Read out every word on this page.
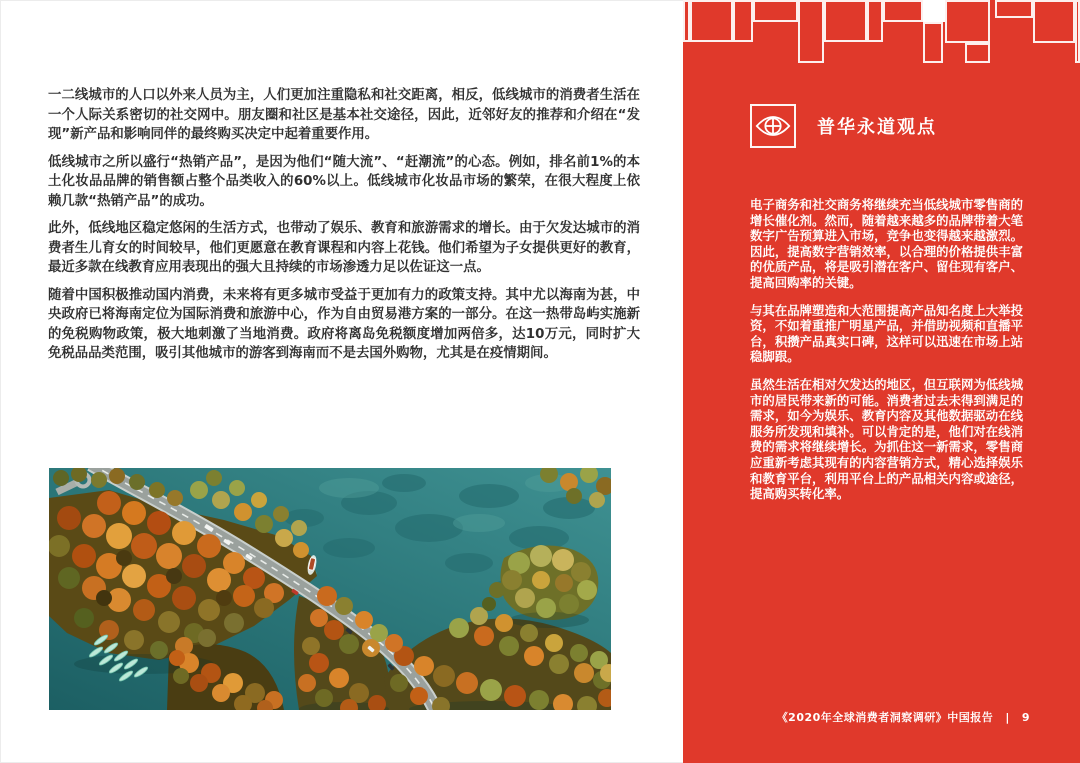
一二线城市的人口以外来人员为主，人们更加注重隐私和社交距离，相反，低线城市的消费者生活在一个人际关系密切的社交网中。朋友圈和社区是基本社交途径，因此，近邻好友的推荐和介绍在“发现”新产品和影响同伴的最终购买决定中起着重要作用。

低线城市之所以盛行“热销产品”，是因为他们“随大流”、“赶潮流”的心态。例如，排名前1%的本土化妆品品牌的销售额占整个品类收入的60%以上。低线城市化妆品市场的繁荣，在很大程度上依赖几款“热销产品”的成功。

此外，低线地区稳定悠闲的生活方式，也带动了娱乐、教育和旅游需求的增长。由于欠发达城市的消费者生儿育女的时间较早，他们更愿意在教育课程和内容上花钱。他们希望为子女提供更好的教育，最近多款在线教育应用表现出的强大且持续的市场渗透力足以佐证这一点。

随着中国积极推动国内消费，未来将有更多城市受益于更加有力的政策支持。其中尤以海南为甚，中央政府已将海南定位为国际消费和旅游中心，作为自由贸易港方案的一部分。在这一热带岛屿实施新的免税购物政策，极大地刺激了当地消费。政府将离岛免税额度增加两倍多，达10万元，同时扩大免税品品类范围，吸引其他城市的游客到海南而不是去国外购物，尤其是在疫情期间。

普华永道观点

电子商务和社交商务将继续充当低线城市零售商的增长催化剂。然而，随着越来越多的品牌带着大笔数字广告预算进入市场，竞争也变得越来越激烈。因此，提高数字营销效率，以合理的价格提供丰富的优质产品，将是吸引潜在客户、留住现有客户、提高回购率的关键。

与其在品牌塑造和大范围提高产品知名度上大举投资，不如着重推广明星产品，并借助视频和直播平台，积攒产品真实口碑，这样可以迅速在市场上站稳脚跟。

虽然生活在相对欠发达的地区，但互联网为低线城市的居民带来新的可能。消费者过去未得到满足的需求，如今为娱乐、教育内容及其他数据驱动在线服务所发现和填补。可以肯定的是，他们对在线消费的需求将继续增长。为抓住这一新需求，零售商应重新考虑其现有的内容营销方式，精心选择娱乐和教育平台，利用平台上的产品相关内容或途径，提高购买转化率。

《2020年全球消费者洞察调研》中国报告 | 9
